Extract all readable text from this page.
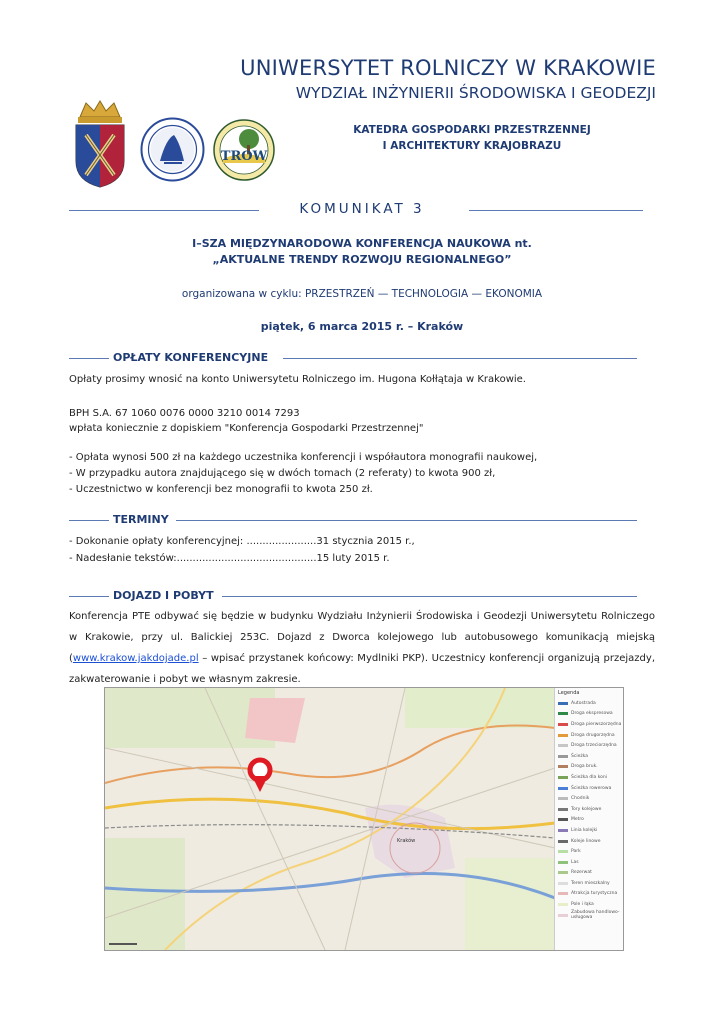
TROW
UNIWERSYTET ROLNICZY W KRAKOWIE
WYDZIAŁ INŻYNIERII ŚRODOWISKA I GEODEZJI
KATEDRA GOSPODARKI PRZESTRZENNEJ
I ARCHITEKTURY KRAJOBRAZU
KOMUNIKAT 3
I–SZA MIĘDZYNARODOWA KONFERENCJA NAUKOWA nt.
„AKTUALNE TRENDY ROZWOJU REGIONALNEGO”
organizowana w cyklu: PRZESTRZEŃ — TECHNOLOGIA — EKONOMIA
piątek, 6 marca 2015 r. – Kraków
OPŁATY KONFERENCYJNE
Opłaty prosimy wnosić na konto Uniwersytetu Rolniczego im. Hugona Kołłątaja w Krakowie.
BPH S.A. 67 1060 0076 0000 3210 0014 7293
wpłata koniecznie z dopiskiem "Konferencja Gospodarki Przestrzennej"
- Opłata wynosi 500 zł na każdego uczestnika konferencji i współautora monografii naukowej,
- W przypadku autora znajdującego się w dwóch tomach (2 referaty) to kwota 900 zł,
- Uczestnictwo w konferencji bez monografii to kwota 250 zł.
TERMINY
- Dokonanie opłaty konferencyjnej: ......................31 stycznia 2015 r.,
- Nadesłanie tekstów:............................................15 luty 2015 r.
DOJAZD I POBYT
Konferencja PTE odbywać się będzie w budynku Wydziału Inżynierii Środowiska i Geodezji Uniwersytetu Rolniczego w Krakowie, przy ul. Balickiej 253C. Dojazd z Dworca kolejowego lub autobusowego komunikacją miejską (www.krakow.jakdojade.pl – wpisać przystanek końcowy: Mydlniki PKP). Uczestnicy konferencji organizują przejazdy, zakwaterowanie i pobyt we własnym zakresie.
Kraków
Legenda
Autostrada
Droga ekspresowa
Droga pierwszorzędna
Droga drugorzędna
Droga trzeciorzędna
Ścieżka
Droga bruk.
Ścieżka dla koni
Ścieżka rowerowa
Chodnik
Tory kolejowe
Metro
Linia kolejki
Koleje linowe
Park
Las
Rezerwat
Teren mieszkalny
Atrakcja turystyczna
Pole i łąka
Zabudowa handlowo-usługowa
